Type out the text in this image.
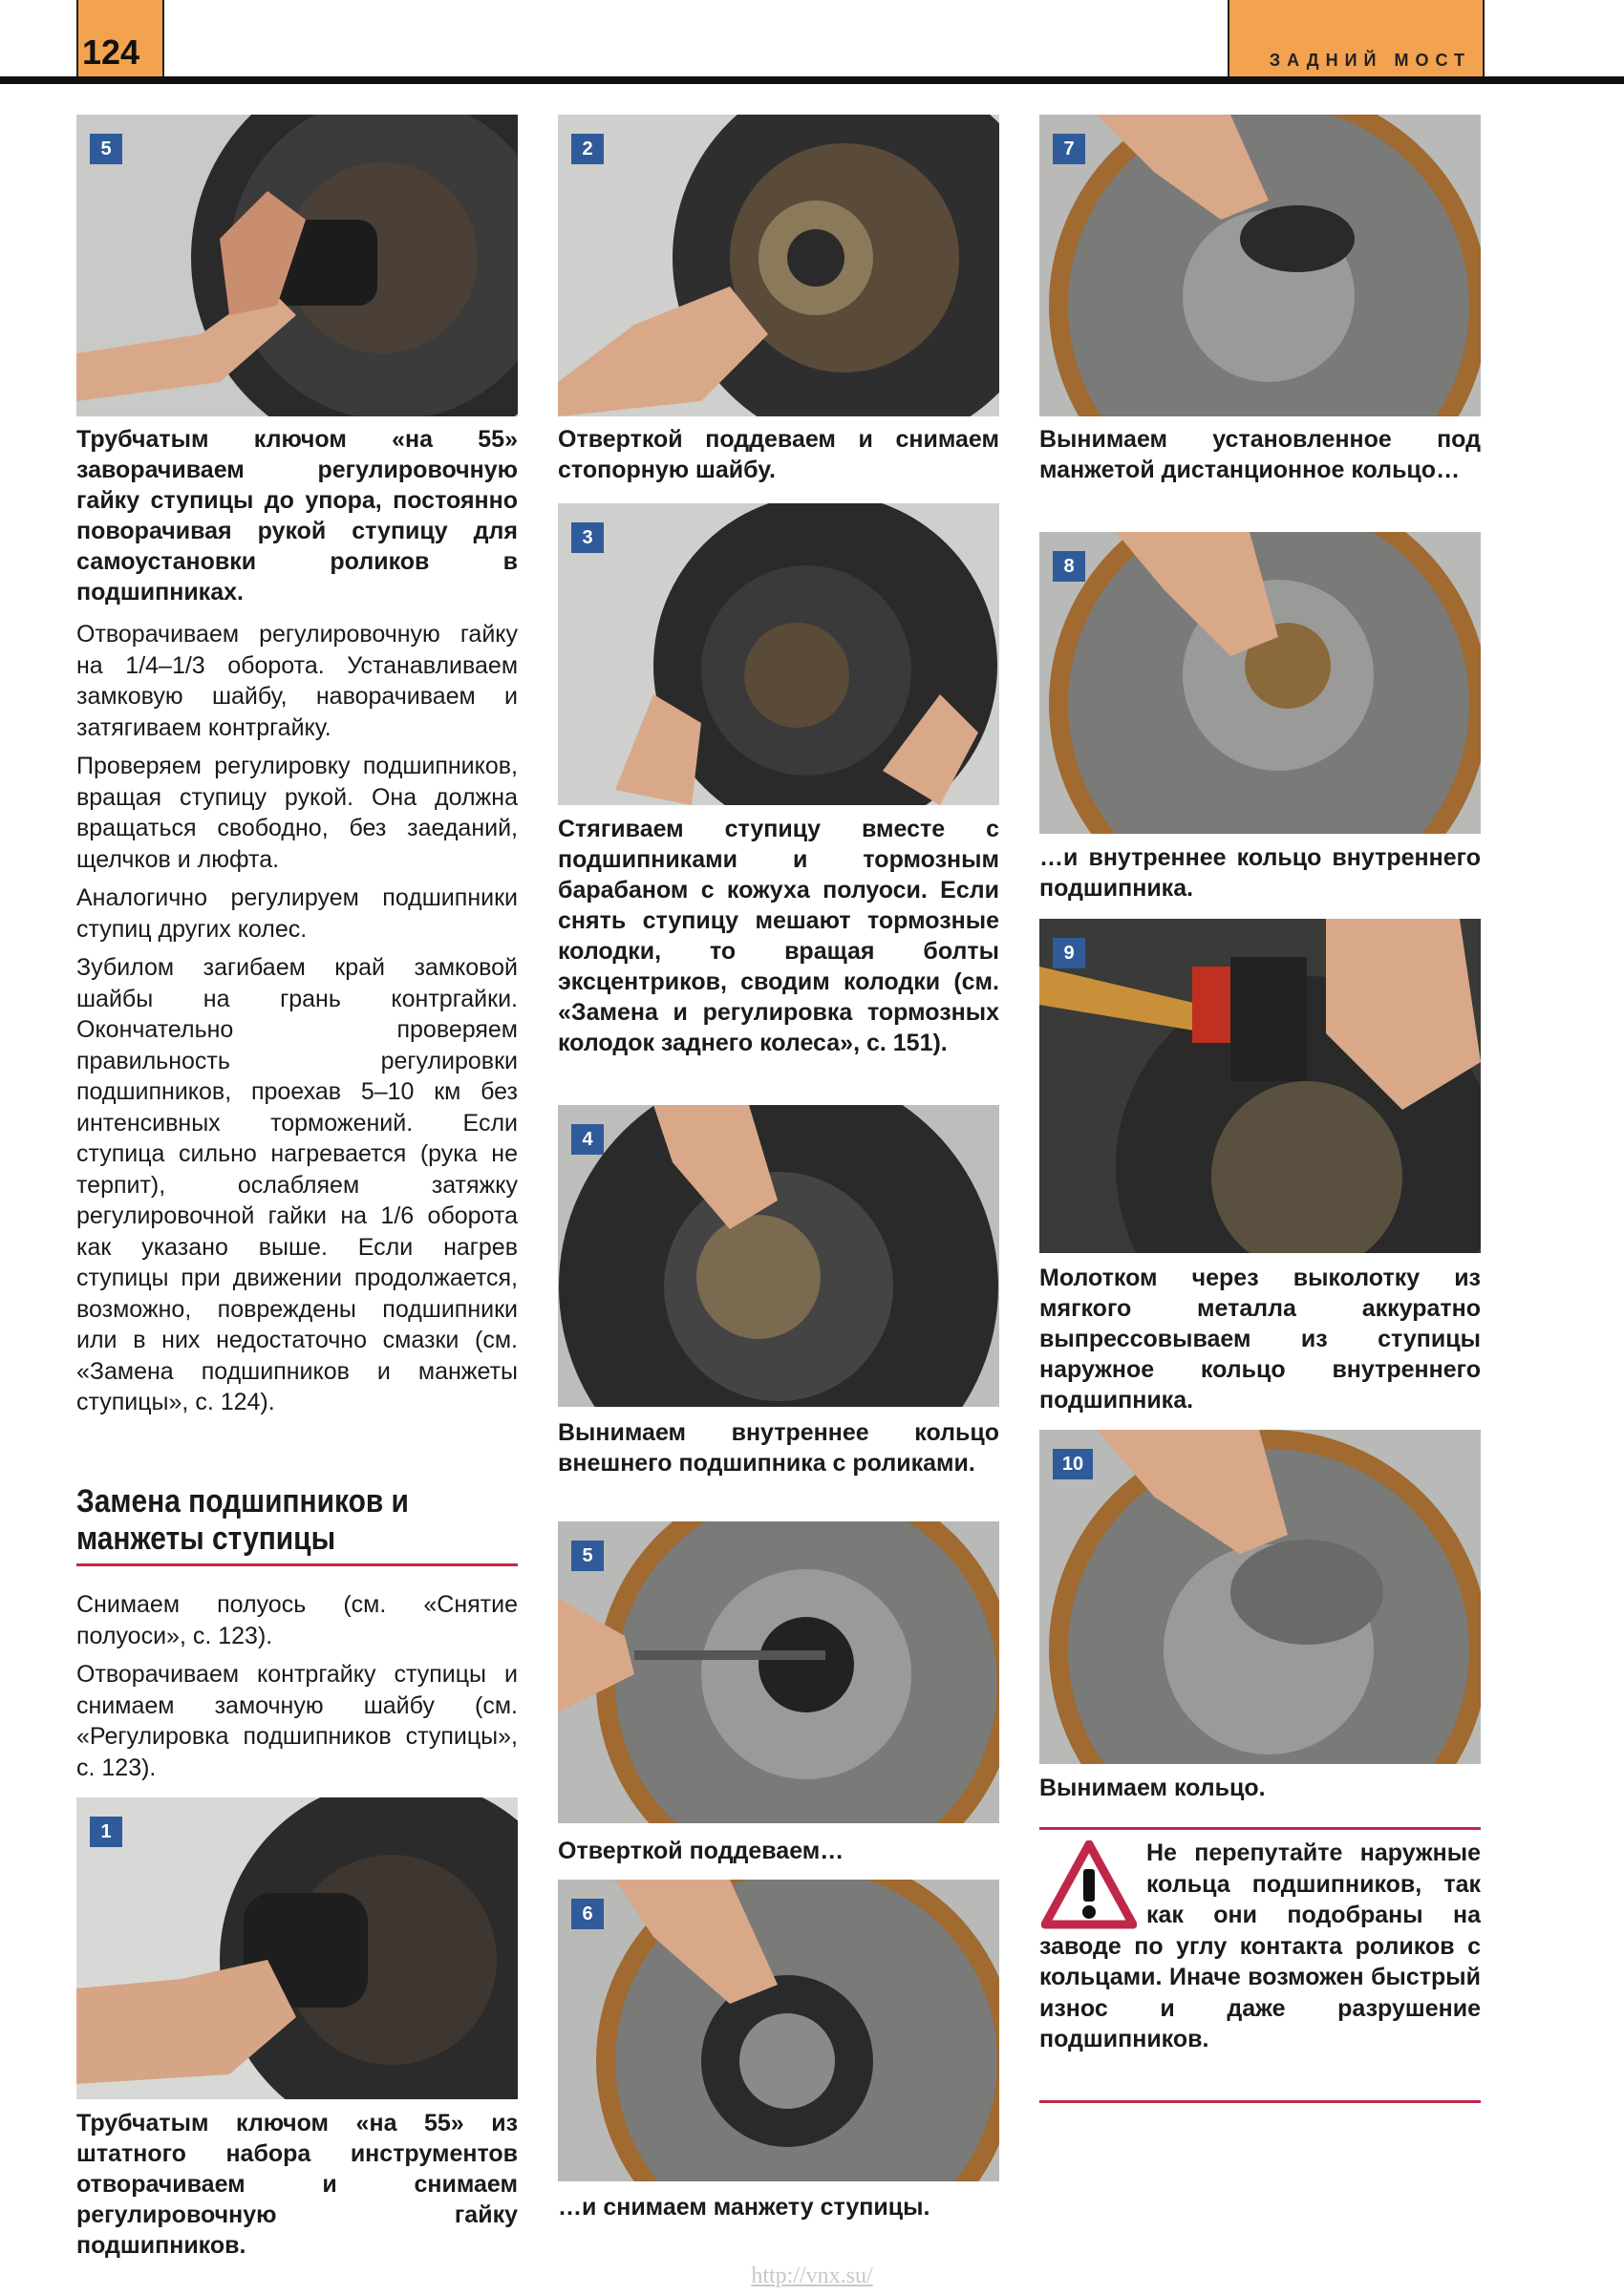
124	ЗАДНИЙ МОСТ
5
Трубчатым ключом «на 55» заворачиваем регулировочную гайку ступицы до упора, постоянно поворачивая рукой ступицу для самоустановки роликов в подшипниках.

Отворачиваем регулировочную гайку на 1/4–1/3 оборота. Устанавливаем замковую шайбу, наворачиваем и затягиваем контргайку.

Проверяем регулировку подшипников, вращая ступицу рукой. Она должна вращаться свободно, без заеданий, щелчков и люфта.

Аналогично регулируем подшипники ступиц других колес.

Зубилом загибаем край замковой шайбы на грань контргайки. Окончательно проверяем правильность регулировки подшипников, проехав 5–10 км без интенсивных торможений. Если ступица сильно нагревается (рука не терпит), ослабляем затяжку регулировочной гайки на 1/6 оборота как указано выше. Если нагрев ступицы при движении продолжается, возможно, повреждены подшипники или в них недостаточно смазки (см. «Замена подшипников и манжеты ступицы», с. 124).

Замена подшипников и манжеты ступицы

Снимаем полуось (см. «Снятие полуоси», с. 123).

Отворачиваем контргайку ступицы и снимаем замочную шайбу (см. «Регулировка подшипников ступицы», с. 123).

1
Трубчатым ключом «на 55» из штатного набора инструментов отворачиваем и снимаем регулировочную гайку подшипников.
2
Отверткой поддеваем и снимаем стопорную шайбу.
3
Стягиваем ступицу вместе с подшипниками и тормозным барабаном с кожуха полуоси. Если снять ступицу мешают тормозные колодки, то вращая болты эксцентриков, сводим колодки (см. «Замена и регулировка тормозных колодок заднего колеса», с. 151).
4
Вынимаем внутреннее кольцо внешнего подшипника с роликами.
5
Отверткой поддеваем…
6
…и снимаем манжету ступицы.
7
Вынимаем установленное под манжетой дистанционное кольцо…
8
…и внутреннее кольцо внутреннего подшипника.
9
Молотком через выколотку из мягкого металла аккуратно выпрессовываем из ступицы наружное кольцо внутреннего подшипника.
10
Вынимаем кольцо.
Не перепутайте наружные кольца подшипников, так как они подобраны на заводе по углу контакта роликов с кольцами. Иначе возможен быстрый износ и даже разрушение подшипников.
http://vnx.su/
